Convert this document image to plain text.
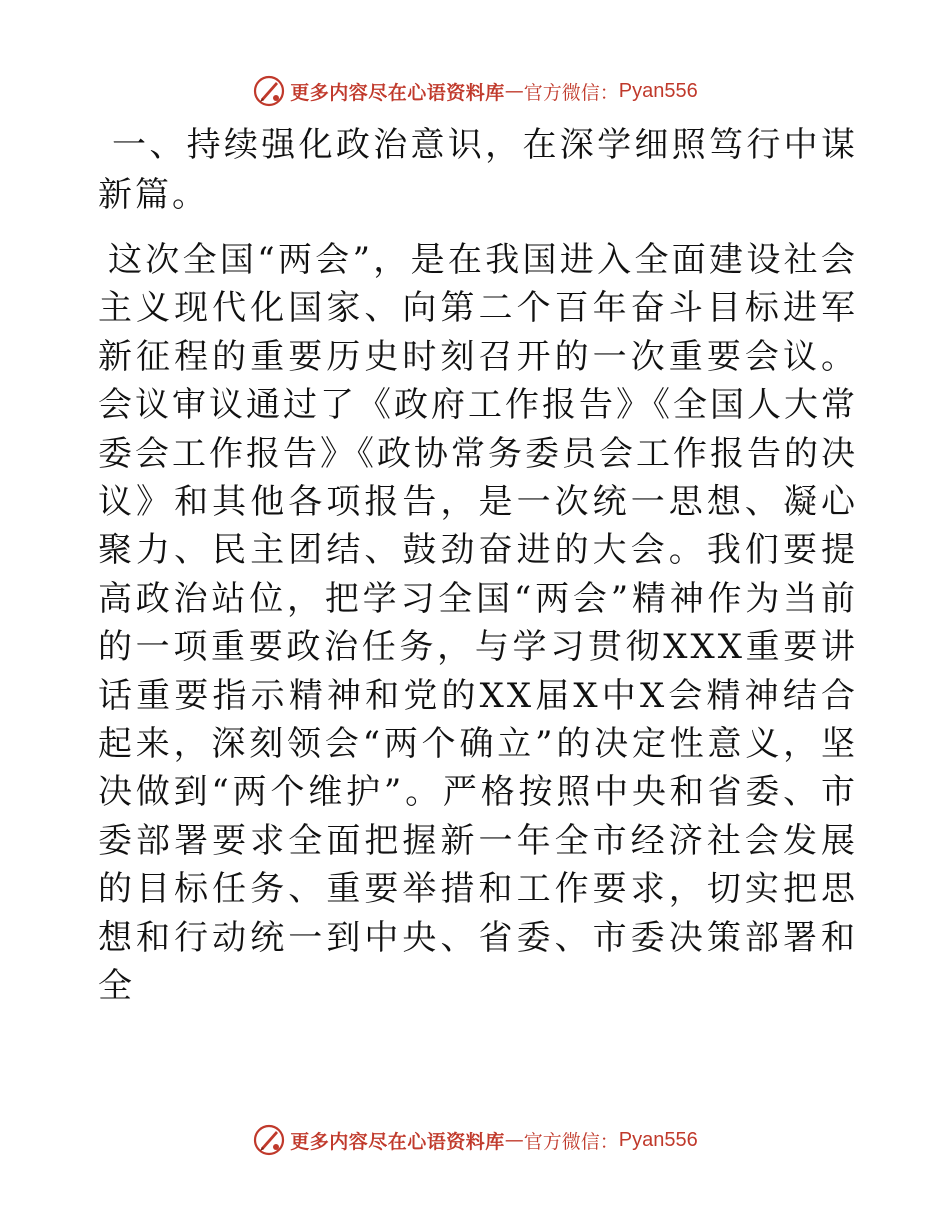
更多内容尽在心语资料库 — 官方微信： Pyan556
一、持续强化政治意识，在深学细照笃行中谋新篇。

这次全国“两会”，是在我国进入全面建设社会主义现代化国家、向第二个百年奋斗目标进军新征程的重要历史时刻召开的一次重要会议。会议审议通过了《政府工作报告》《全国人大常委会工作报告》《政协常务委员会工作报告的决议》和其他各项报告，是一次统一思想、凝心聚力、民主团结、鼓劲奋进的大会。我们要提高政治站位，把学习全国“两会”精神作为当前的一项重要政治任务，与学习贯彻XXX重要讲话重要指示精神和党的XX届X中X会精神结合起来，深刻领会“两个确立”的决定性意义，坚决做到“两个维护”。严格按照中央和省委、市委部署要求全面把握新一年全市经济社会发展的目标任务、重要举措和工作要求，切实把思想和行动统一到中央、省委、市委决策部署和全

更多内容尽在心语资料库 — 官方微信： Pyan556
